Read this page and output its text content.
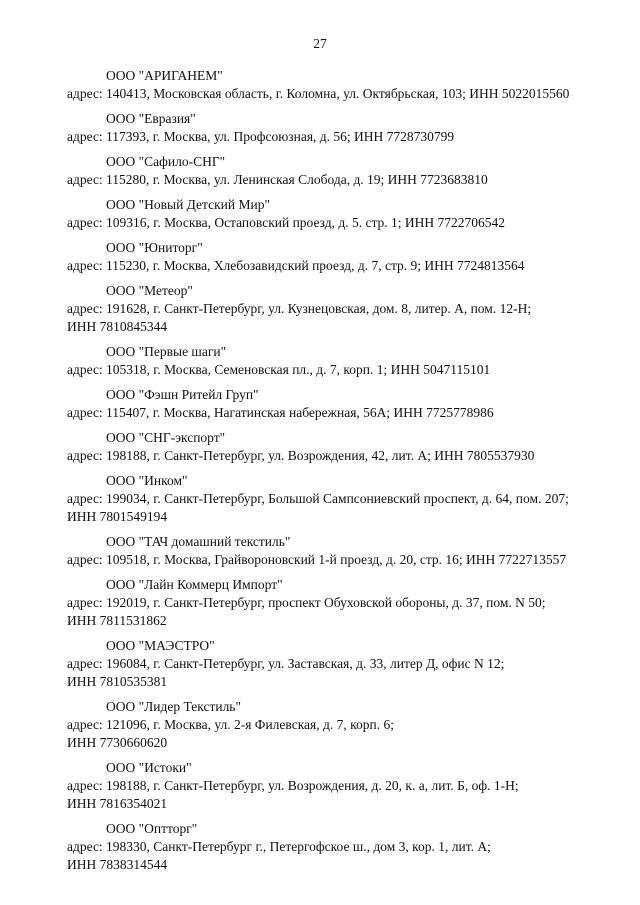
27
ООО "АРИГАНЕМ"
адрес: 140413, Московская область, г. Коломна, ул. Октябрьская, 103; ИНН 5022015560
ООО "Евразия"
адрес: 117393, г. Москва, ул. Профсоюзная, д. 56; ИНН 7728730799
ООО "Сафило-СНГ"
адрес: 115280, г. Москва, ул. Ленинская Слобода, д. 19; ИНН 7723683810
ООО "Новый Детский Мир"
адрес: 109316, г. Москва, Остаповский проезд, д. 5. стр. 1; ИНН 7722706542
ООО "Юниторг"
адрес: 115230, г. Москва, Хлебозавидский проезд, д. 7, стр. 9; ИНН 7724813564
ООО "Метеор"
адрес: 191628, г. Санкт-Петербург, ул. Кузнецовская, дом. 8, литер. А, пом. 12-Н;
ИНН 7810845344
ООО "Первые шаги"
адрес: 105318, г. Москва, Семеновская пл., д. 7, корп. 1; ИНН 5047115101
ООО "Фэшн Ритейл Груп"
адрес: 115407, г. Москва, Нагатинская набережная, 56А; ИНН 7725778986
ООО "СНГ-экспорт"
адрес: 198188, г. Санкт-Петербург, ул. Возрождения, 42, лит. А; ИНН 7805537930
ООО "Инком"
адрес: 199034, г. Санкт-Петербург, Большой Сампсониевский проспект, д. 64, пом. 207;
ИНН 7801549194
ООО "ТАЧ домашний текстиль"
адрес: 109518, г. Москва, Грайвороновский 1-й проезд, д. 20, стр. 16; ИНН 7722713557
ООО "Лайн Коммерц Импорт"
адрес: 192019, г. Санкт-Петербург, проспект Обуховской обороны, д. 37, пом. N 50;
ИНН 7811531862
ООО "МАЭСТРО"
адрес: 196084, г. Санкт-Петербург, ул. Заставская, д. 33, литер Д, офис N 12;
ИНН 7810535381
ООО "Лидер Текстиль"
адрес: 121096, г. Москва, ул. 2-я Филевская, д. 7, корп. 6;
ИНН 7730660620
ООО "Истоки"
адрес: 198188, г. Санкт-Петербург, ул. Возрождения, д. 20, к. а, лит. Б, оф. 1-Н;
ИНН 7816354021
ООО "Оптторг"
адрес: 198330, Санкт-Петербург г., Петергофское ш., дом 3, кор. 1, лит. А;
ИНН 7838314544
